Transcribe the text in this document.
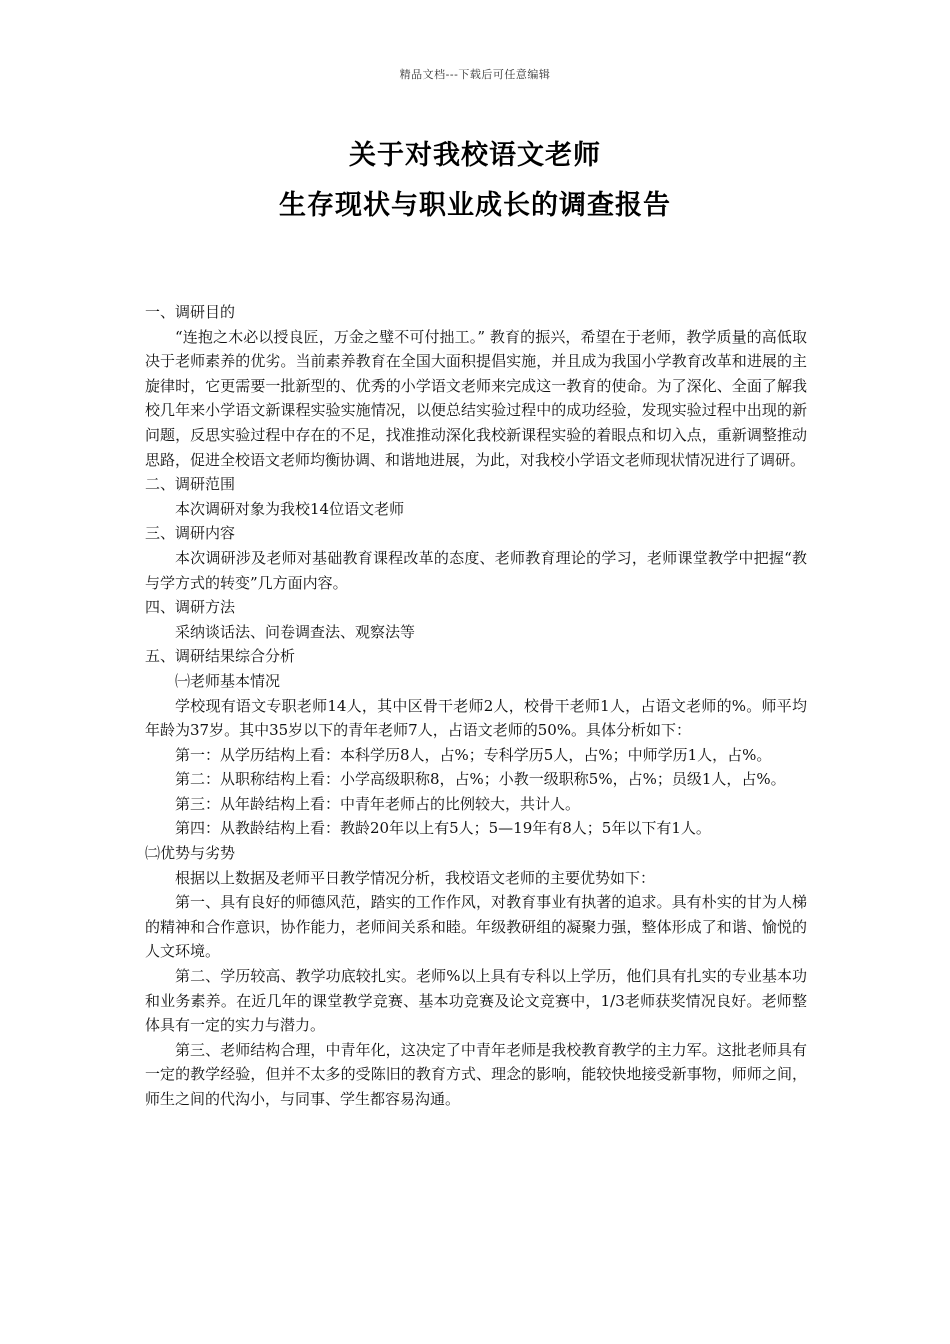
精品文档---下载后可任意编辑
关于对我校语文老师
生存现状与职业成长的调查报告

一、调研目的

“连抱之木必以授良匠，万金之璧不可付拙工。” 教育的振兴，希望在于老师，教学质量的高低取决于老师素养的优劣。当前素养教育在全国大面积提倡实施，并且成为我国小学教育改革和进展的主旋律时，它更需要一批新型的、优秀的小学语文老师来完成这一教育的使命。为了深化、全面了解我校几年来小学语文新课程实验实施情况，以便总结实验过程中的成功经验，发现实验过程中出现的新问题，反思实验过程中存在的不足，找准推动深化我校新课程实验的着眼点和切入点，重新调整推动思路，促进全校语文老师均衡协调、和谐地进展，为此，对我校小学语文老师现状情况进行了调研。

二、调研范围

本次调研对象为我校14位语文老师

三、调研内容

本次调研涉及老师对基础教育课程改革的态度、老师教育理论的学习，老师课堂教学中把握“教与学方式的转变”几方面内容。

四、调研方法

采纳谈话法、问卷调查法、观察法等

五、调研结果综合分析

㈠老师基本情况

学校现有语文专职老师14人，其中区骨干老师2人，校骨干老师1人，占语文老师的%。师平均年龄为37岁。其中35岁以下的青年老师7人，占语文老师的50%。具体分析如下：

第一：从学历结构上看：本科学历8人，占%；专科学历5人，占%；中师学历1人，占%。

第二：从职称结构上看：小学高级职称8，占%；小教一级职称5%，占%；员级1人，占%。

第三：从年龄结构上看：中青年老师占的比例较大，共计人。

第四：从教龄结构上看：教龄20年以上有5人；5—19年有8人；5年以下有1人。

㈡优势与劣势

根据以上数据及老师平日教学情况分析，我校语文老师的主要优势如下：

第一、具有良好的师德风范，踏实的工作作风，对教育事业有执著的追求。具有朴实的甘为人梯的精神和合作意识，协作能力，老师间关系和睦。年级教研组的凝聚力强，整体形成了和谐、愉悦的人文环境。

第二、学历较高、教学功底较扎实。老师%以上具有专科以上学历，他们具有扎实的专业基本功和业务素养。在近几年的课堂教学竞赛、基本功竞赛及论文竞赛中，1/3老师获奖情况良好。老师整体具有一定的实力与潜力。

第三、老师结构合理，中青年化，这决定了中青年老师是我校教育教学的主力军。这批老师具有一定的教学经验，但并不太多的受陈旧的教育方式、理念的影响，能较快地接受新事物，师师之间，师生之间的代沟小，与同事、学生都容易沟通。
